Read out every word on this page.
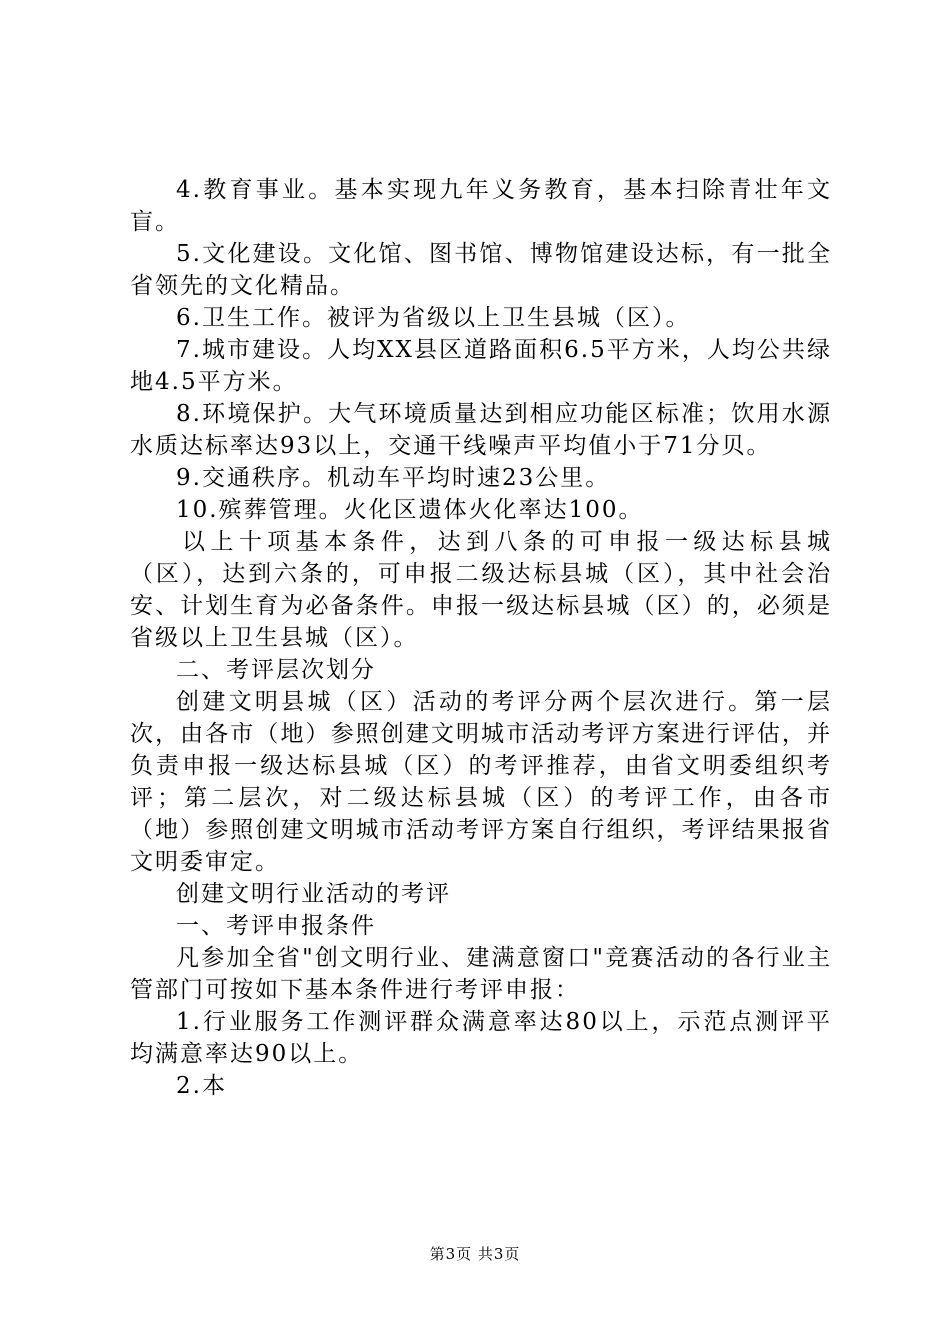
4.教育事业。基本实现九年义务教育，基本扫除青壮年文盲。

5.文化建设。文化馆、图书馆、博物馆建设达标，有一批全省领先的文化精品。

6.卫生工作。被评为省级以上卫生县城（区）。

7.城市建设。人均XX县区道路面积6.5平方米，人均公共绿地4.5平方米。

8.环境保护。大气环境质量达到相应功能区标准；饮用水源水质达标率达93以上，交通干线噪声平均值小于71分贝。

9.交通秩序。机动车平均时速23公里。

10.殡葬管理。火化区遗体火化率达100。

以上十项基本条件，达到八条的可申报一级达标县城（区），达到六条的，可申报二级达标县城（区），其中社会治安、计划生育为必备条件。申报一级达标县城（区）的，必须是省级以上卫生县城（区）。

二、考评层次划分

创建文明县城（区）活动的考评分两个层次进行。第一层次，由各市（地）参照创建文明城市活动考评方案进行评估，并负责申报一级达标县城（区）的考评推荐，由省文明委组织考评；第二层次，对二级达标县城（区）的考评工作，由各市（地）参照创建文明城市活动考评方案自行组织，考评结果报省文明委审定。

创建文明行业活动的考评

一、考评申报条件

凡参加全省"创文明行业、建满意窗口"竞赛活动的各行业主管部门可按如下基本条件进行考评申报：

1.行业服务工作测评群众满意率达80以上，示范点测评平均满意率达90以上。

2.本

第3页 共3页
